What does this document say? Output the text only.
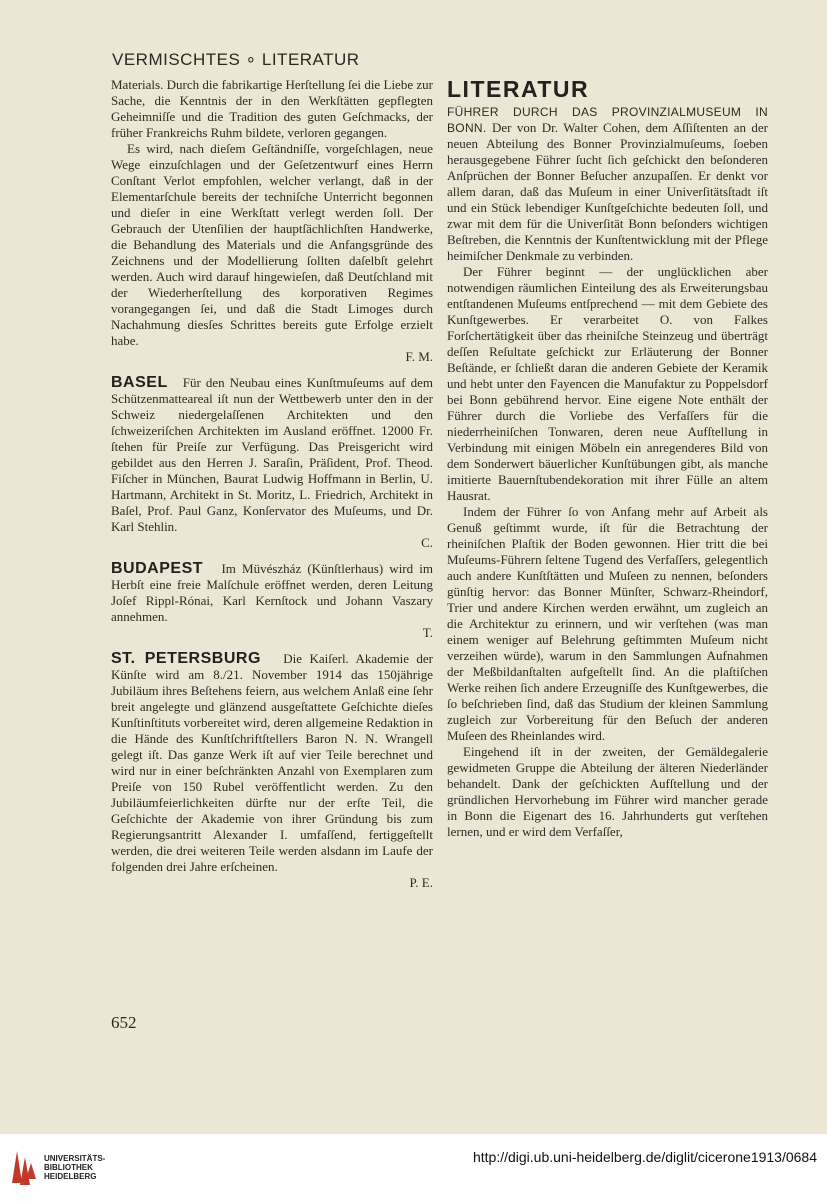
VERMISCHTES ∘ LITERATUR

Materials. Durch die fabrikartige Herſtellung ſei die Liebe zur Sache, die Kenntnis der in den Werkſtätten gepflegten Geheimniſſe und die Tradition des guten Geſchmacks, der früher Frankreichs Ruhm bildete, verloren gegangen.

Es wird, nach dieſem Geſtändniſſe, vorgeſchlagen, neue Wege einzuſchlagen und der Geſetzentwurf eines Herrn Conſtant Verlot empfohlen, welcher verlangt, daß in der Elementarſchule bereits der techniſche Unterricht begonnen und dieſer in eine Werkſtatt verlegt werden ſoll. Der Gebrauch der Utenſilien der hauptſächlichſten Handwerke, die Behandlung des Materials und die Anfangsgründe des Zeichnens und der Modellierung ſollten daſelbſt gelehrt werden. Auch wird darauf hingewieſen, daß Deutſchland mit der Wiederherſtellung des korporativen Regimes vorangegangen ſei, und daß die Stadt Limoges durch Nachahmung diesſes Schrittes bereits gute Erfolge erzielt habe.
F. M.

BASEL Für den Neubau eines Kunſtmuſeums auf dem Schützenmatteareal iſt nun der Wettbewerb unter den in der Schweiz niedergelaſſenen Architekten und den ſchweizeriſchen Architekten im Ausland eröffnet. 12000 Fr. ſtehen für Preiſe zur Verfügung. Das Preisgericht wird gebildet aus den Herren J. Saraſin, Präſident, Prof. Theod. Fiſcher in München, Baurat Ludwig Hoffmann in Berlin, U. Hartmann, Architekt in St. Moritz, L. Friedrich, Architekt in Baſel, Prof. Paul Ganz, Konſervator des Muſeums, und Dr. Karl Stehlin.
C.

BUDAPEST Im Müvészház (Künſtlerhaus) wird im Herbſt eine freie Malſchule eröffnet werden, deren Leitung Joſef Rippl-Rónai, Karl Kernſtock und Johann Vaszary annehmen.
T.

ST. PETERSBURG Die Kaiſerl. Akademie der Künſte wird am 8./21. November 1914 das 150jährige Jubiläum ihres Beſtehens feiern, aus welchem Anlaß eine ſehr breit angelegte und glänzend ausgeſtattete Geſchichte dieſes Kunſtinſtituts vorbereitet wird, deren allgemeine Redaktion in die Hände des Kunſtſchriftſtellers Baron N. N. Wrangell gelegt iſt. Das ganze Werk iſt auf vier Teile berechnet und wird nur in einer beſchränkten Anzahl von Exemplaren zum Preiſe von 150 Rubel veröffentlicht werden. Zu den Jubiläumfeierlichkeiten dürfte nur der erſte Teil, die Geſchichte der Akademie von ihrer Gründung bis zum Regierungsantritt Alexander I. umfaſſend, fertiggeſtellt werden, die drei weiteren Teile werden alsdann im Laufe der folgenden drei Jahre erſcheinen.
P. E.

LITERATUR

FÜHRER DURCH DAS PROVINZIALMUSEUM IN BONN. Der von Dr. Walter Cohen, dem Aſſiſtenten an der neuen Abteilung des Bonner Provinzialmuſeums, ſoeben herausgegebene Führer ſucht ſich geſchickt den beſonderen Anſprüchen der Bonner Beſucher anzupaſſen. Er denkt vor allem daran, daß das Muſeum in einer Univerſitätsſtadt iſt und ein Stück lebendiger Kunſtgeſchichte bedeuten ſoll, und zwar mit dem für die Univerſität Bonn beſonders wichtigen Beſtreben, die Kenntnis der Kunſtentwicklung mit der Pflege heimiſcher Denkmale zu verbinden.

Der Führer beginnt — der unglücklichen aber notwendigen räumlichen Einteilung des als Erweiterungsbau entſtandenen Muſeums entſprechend — mit dem Gebiete des Kunſtgewerbes. Er verarbeitet O. von Falkes Forſchertätigkeit über das rheiniſche Steinzeug und überträgt deſſen Reſultate geſchickt zur Erläuterung der Bonner Beſtände, er ſchließt daran die anderen Gebiete der Keramik und hebt unter den Fayencen die Manufaktur zu Poppelsdorf bei Bonn gebührend hervor. Eine eigene Note enthält der Führer durch die Vorliebe des Verfaſſers für die niederrheiniſchen Tonwaren, deren neue Aufſtellung in Verbindung mit einigen Möbeln ein anregenderes Bild von dem Sonderwert bäuerlicher Kunſtübungen gibt, als manche imitierte Bauernſtubendekoration mit ihrer Fülle an altem Hausrat.

Indem der Führer ſo von Anfang mehr auf Arbeit als Genuß geſtimmt wurde, iſt für die Betrachtung der rheiniſchen Plaſtik der Boden gewonnen. Hier tritt die bei Muſeums-Führern ſeltene Tugend des Verfaſſers, gelegentlich auch andere Kunſtſtätten und Muſeen zu nennen, beſonders günſtig hervor: das Bonner Münſter, Schwarz-Rheindorf, Trier und andere Kirchen werden erwähnt, um zugleich an die Architektur zu erinnern, und wir verſtehen (was man einem weniger auf Belehrung geſtimmten Muſeum nicht verzeihen würde), warum in den Sammlungen Aufnahmen der Meßbildanſtalten aufgeſtellt ſind. An die plaſtiſchen Werke reihen ſich andere Erzeugniſſe des Kunſtgewerbes, die ſo beſchrieben ſind, daß das Studium der kleinen Sammlung zugleich zur Vorbereitung für den Beſuch der anderen Muſeen des Rheinlandes wird.

Eingehend iſt in der zweiten, der Gemäldegalerie gewidmeten Gruppe die Abteilung der älteren Niederländer behandelt. Dank der geſchickten Aufſtellung und der gründlichen Hervorhebung im Führer wird mancher gerade in Bonn die Eigenart des 16. Jahrhunderts gut verſtehen lernen, und er wird dem Verfaſſer,

652
UNIVERSITÄTS-
BIBLIOTHEK
HEIDELBERG
http://digi.ub.uni-heidelberg.de/diglit/cicerone1913/0684
